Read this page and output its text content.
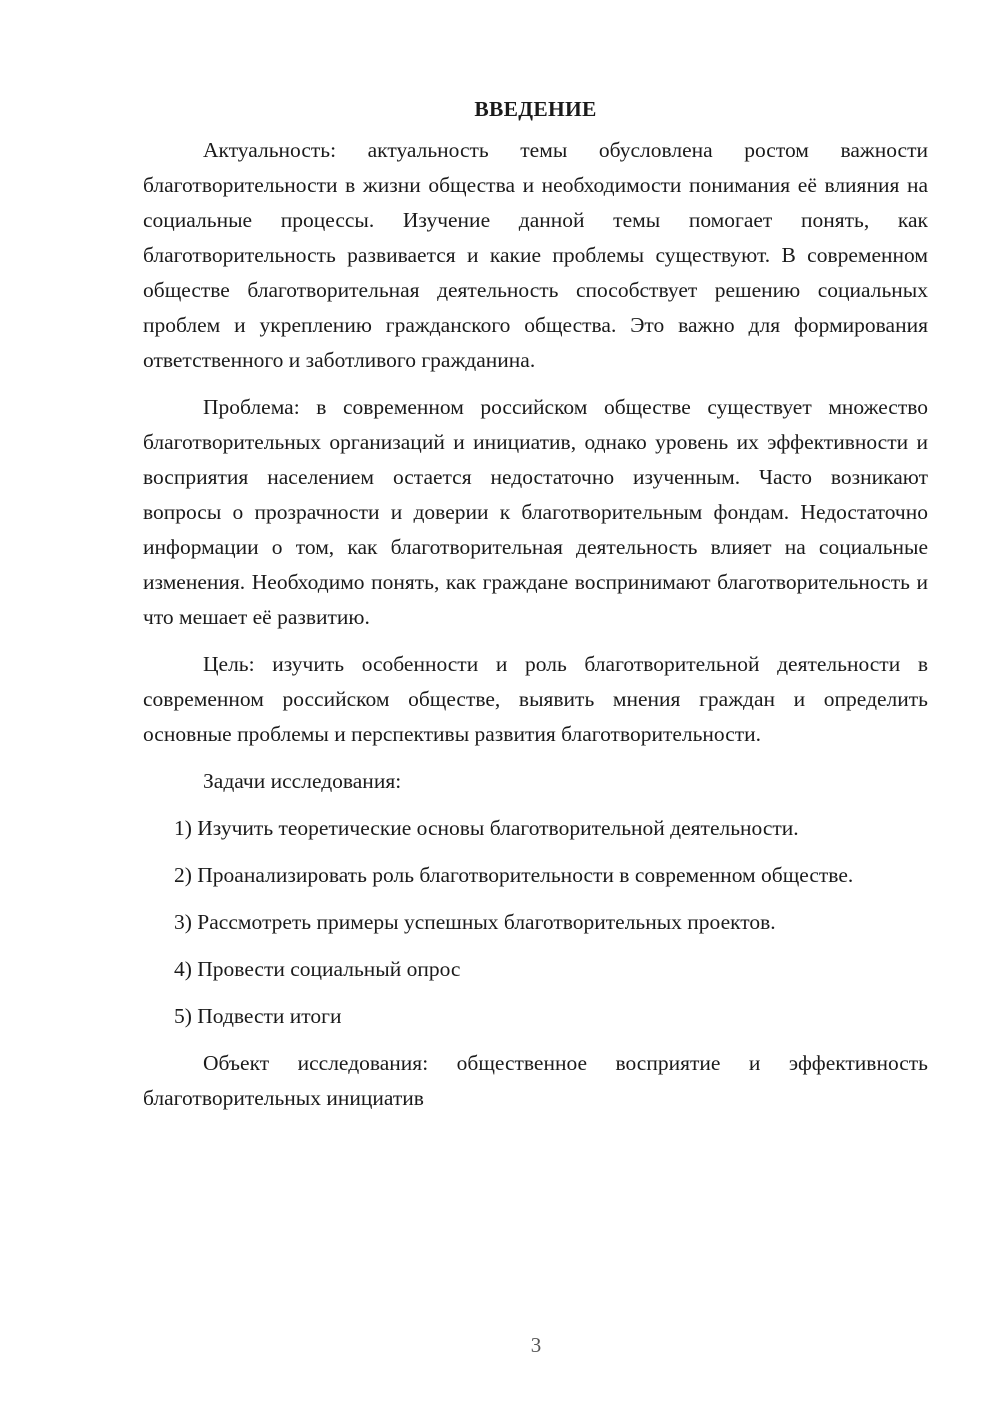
ВВЕДЕНИЕ

Актуальность: актуальность темы обусловлена ростом важности благотворительности в жизни общества и необходимости понимания её влияния на социальные процессы. Изучение данной темы помогает понять, как благотворительность развивается и какие проблемы существуют. В современном обществе благотворительная деятельность способствует решению социальных проблем и укреплению гражданского общества. Это важно для формирования ответственного и заботливого гражданина.

Проблема: в современном российском обществе существует множество благотворительных организаций и инициатив, однако уровень их эффективности и восприятия населением остается недостаточно изученным. Часто возникают вопросы о прозрачности и доверии к благотворительным фондам. Недостаточно информации о том, как благотворительная деятельность влияет на социальные изменения. Необходимо понять, как граждане воспринимают благотворительность и что мешает её развитию.

Цель: изучить особенности и роль благотворительной деятельности в современном российском обществе, выявить мнения граждан и определить основные проблемы и перспективы развития благотворительности.

Задачи исследования:

1) Изучить теоретические основы благотворительной деятельности.

2) Проанализировать роль благотворительности в современном обществе.

3) Рассмотреть примеры успешных благотворительных проектов.

4) Провести социальный опрос

5) Подвести итоги

Объект исследования: общественное восприятие и эффективность благотворительных инициатив

3
